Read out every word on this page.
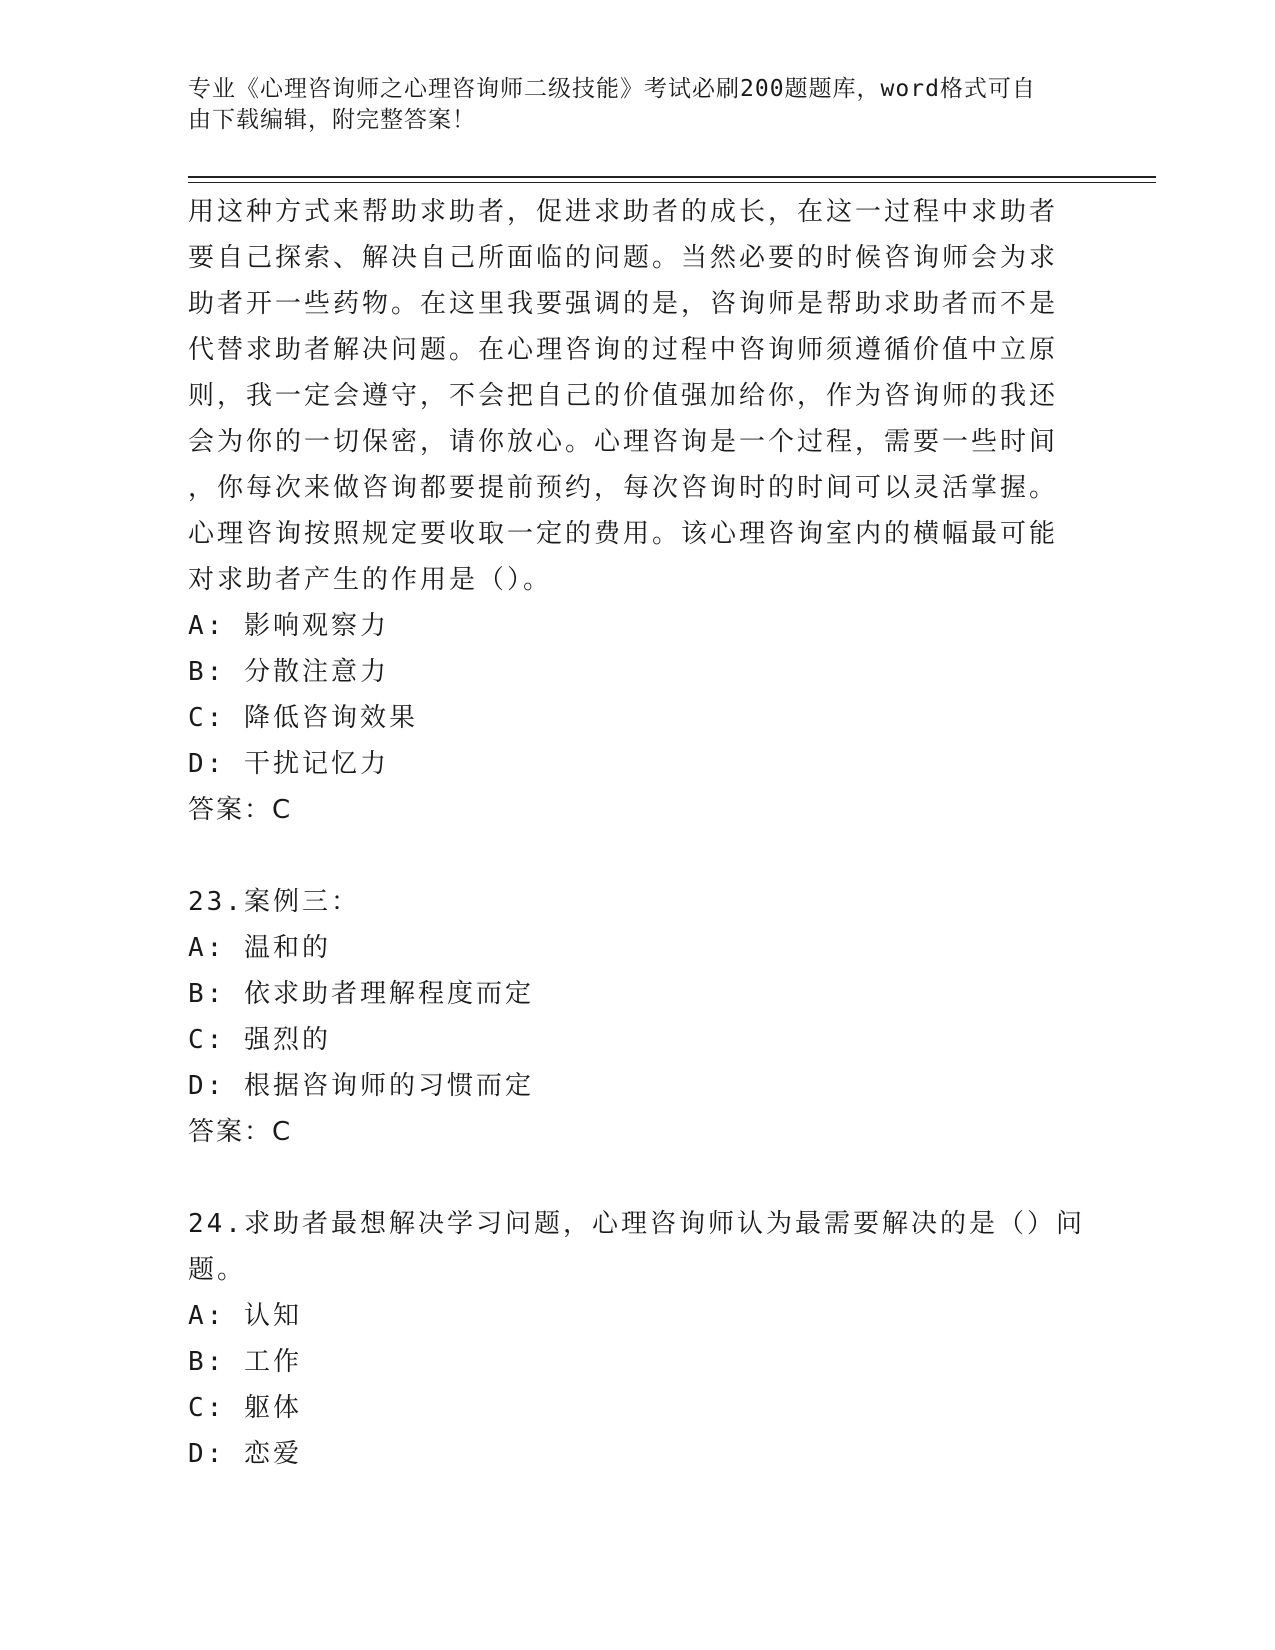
专业《心理咨询师之心理咨询师二级技能》考试必刷200题题库，word格式可自
由下载编辑，附完整答案！
用这种方式来帮助求助者，促进求助者的成长，在这一过程中求助者
要自己探索、解决自己所面临的问题。当然必要的时候咨询师会为求
助者开一些药物。在这里我要强调的是，咨询师是帮助求助者而不是
代替求助者解决问题。在心理咨询的过程中咨询师须遵循价值中立原
则，我一定会遵守，不会把自己的价值强加给你，作为咨询师的我还
会为你的一切保密，请你放心。心理咨询是一个过程，需要一些时间
，你每次来做咨询都要提前预约，每次咨询时的时间可以灵活掌握。
心理咨询按照规定要收取一定的费用。该心理咨询室内的横幅最可能
对求助者产生的作用是（）。
A: 影响观察力
B: 分散注意力
C: 降低咨询效果
D: 干扰记忆力
答案：C
23.案例三：
A: 温和的
B: 依求助者理解程度而定
C: 强烈的
D: 根据咨询师的习惯而定
答案：C
24.求助者最想解决学习问题，心理咨询师认为最需要解决的是（）问
题。
A: 认知
B: 工作
C: 躯体
D: 恋爱
